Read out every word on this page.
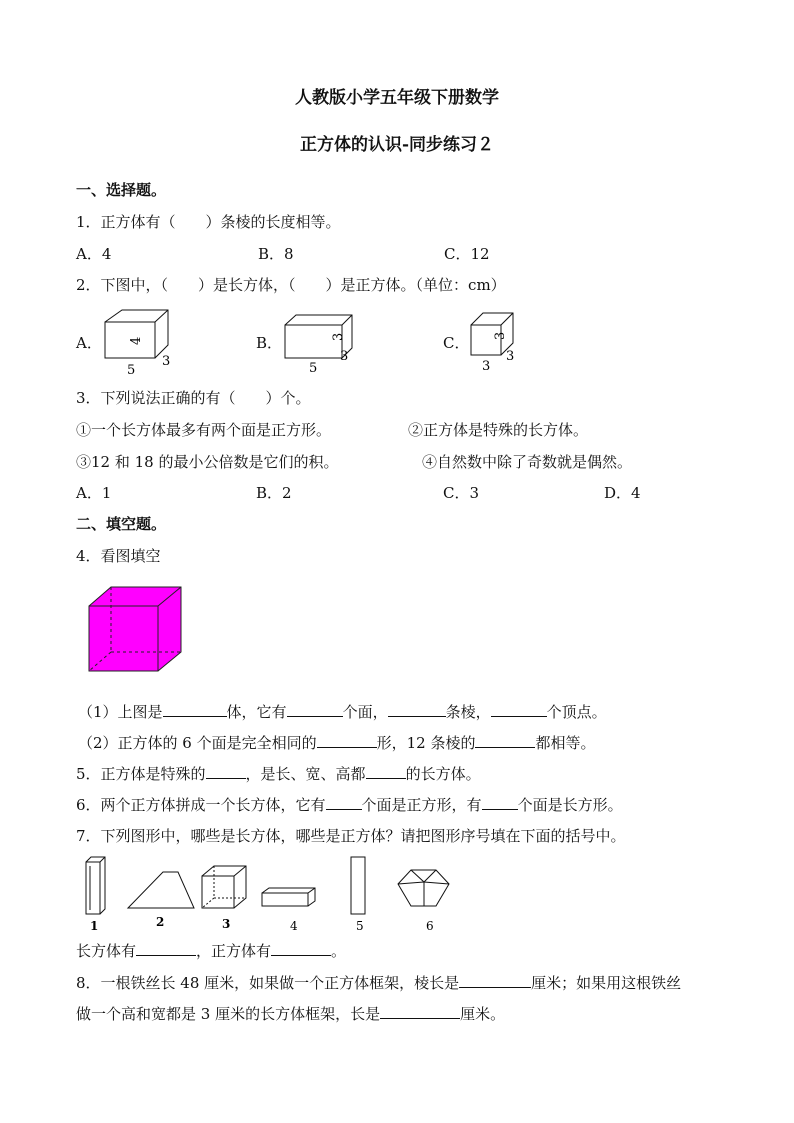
人教版小学五年级下册数学
正方体的认识-同步练习２
一、选择题。
1．正方体有（　　）条棱的长度相等。
A．4	B．8	C．12
2．下图中，（　　）是长方体，（　　）是正方体。（单位：cm）
A． 4
5
3
B．	3
5
3
C． 3
3
3
3．下列说法正确的有（　　）个。
①一个长方体最多有两个面是正方形。	②正方体是特殊的长方体。
③12 和 18 的最小公倍数是它们的积。	④自然数中除了奇数就是偶然。
A．1	B．2	C．3	D．4
二、填空题。
4．看图填空
（1）上图是	体，它有	个面，	条棱，	个顶点。
（2）正方体的 6 个面是完全相同的	形，12 条棱的	都相等。
5．正方体是特殊的	，是长、宽、高都	的长方体。
6．两个正方体拼成一个长方体，它有 个面是正方形，有 个面是长方形。
7．下列图形中，哪些是长方体，哪些是正方体？请把图形序号填在下面的括号中。
1	2	3	4	5	6
长方体有	，正方体有	。
8．一根铁丝长 48 厘米，如果做一个正方体框架，棱长是	厘米；如果用这根铁丝
做一个高和宽都是 3 厘米的长方体框架，长是	厘米。
